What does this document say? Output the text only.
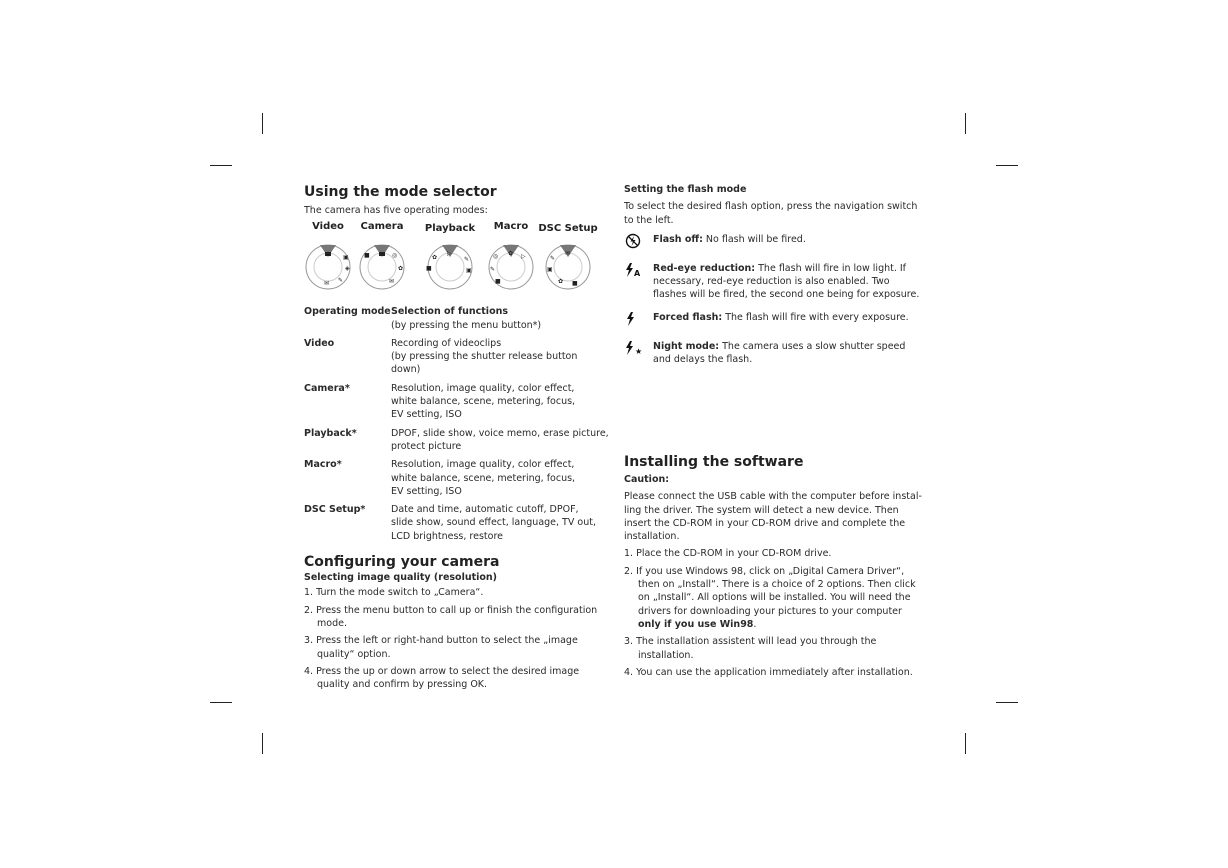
Using the mode selector

The camera has five operating modes:

Video
▣
◈
✎
✉
Camera
■	◎
✿
✉
Playback
▷
✿
■
✎
▣
Macro
✿
◎	▷
✎
■
DSC Setup
✉
✎
▣
✿ ■
Operating mode	Selection of functions
(by pressing the menu button*)

Video	Recording of videoclips
(by pressing the shutter release button down)

Camera*	Resolution, image quality, color effect,
white balance, scene, metering, focus,
EV setting, ISO

Playback*	DPOF, slide show, voice memo, erase picture,
protect picture

Macro*	Resolution, image quality, color effect,
white balance, scene, metering, focus,
EV setting, ISO

DSC Setup*	Date and time, automatic cutoff, DPOF,
slide show, sound effect, language, TV out,
LCD brightness, restore
Configuring your camera

Selecting image quality (resolution)

1. Turn the mode switch to „Camera“.
2. Press the menu button to call up or finish the configuration mode.
3. Press the left or right-hand button to select the „image quality“ option.
4. Press the up or down arrow to select the desired image quality and confirm by pressing OK.

Setting the flash mode

To select the desired flash option, press the navigation switch to the left.

Flash off: No flash will be fired.
A Red-eye reduction: The flash will fire in low light. If necessary, red-eye reduction is also enabled. Two flashes will be fired, the second one being for exposure.
Forced flash: The flash will fire with every exposure.
★ Night mode: The camera uses a slow shutter speed and delays the flash.
Installing the software

Caution:

Please connect the USB cable with the computer before instal-ling the driver. The system will detect a new device. Then insert the CD-ROM in your CD-ROM drive and complete the installation.

1. Place the CD-ROM in your CD-ROM drive.
2. If you use Windows 98, click on „Digital Camera Driver“, then on „Install“. There is a choice of 2 options. Then click on „Install“. All options will be installed. You will need the drivers for downloading your pictures to your computer only if you use Win98.
3. The installation assistent will lead you through the installation.
4. You can use the application immediately after installation.
